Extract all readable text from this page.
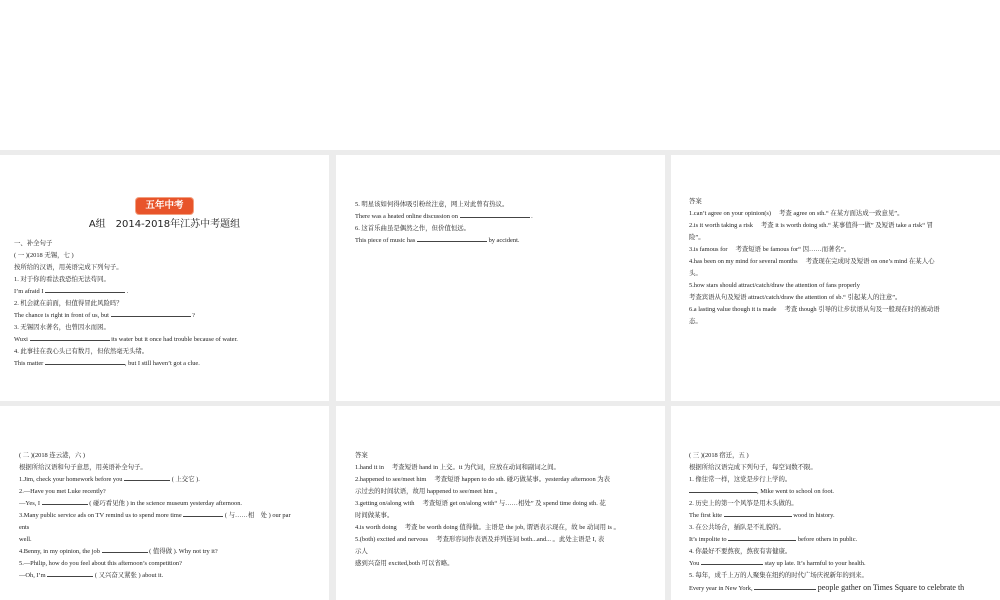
五年中考
A组　2014-2018年江苏中考题组
一、补全句子
( 一 )(2018 无锡，七 )
按所给的汉语，用英语完成下列句子。
1. 对于你的看法我恐怕无法苟同。
I’m afraid I	.
2. 机会就在前面，但值得冒此风险吗？
The chance is right in front of us, but	?
3. 无锡因水著名，也曾因水而困。
Wuxi	its water but it once had trouble because of water.
4. 此事挂在我心头已有数月，但依然毫无头绪。
This matter	, but I still haven’t got a clue.
5. 明星该如何得体吸引粉丝注意，网上对此曾有热议。
There was a heated online discussion on	.
6. 这首乐曲虽是偶然之作，但价值恒远。
This piece of music has	by accident.
答案
1.can’t agree on your opinion(s)　 考查 agree on sth.“ 在某方面达成一致意见”。
2.is it worth taking a risk　 考查 it is worth doing sth.“ 某事值得一做” 及短语 take a risk“ 冒
险”。
3.is famous for　 考查短语 be famous for“ 因……而著名”。
4.has been on my mind for several months　 考查现在完成时及短语 on one’s mind 在某人心
头。
5.how stars should attract/catch/draw the attention of fans properly
考查宾语从句及短语 attract/catch/draw the attention of sb.“ 引起某人的注意”。
6.a lasting value though it is made　 考查 though 引导的让步状语从句及一般现在时的被动语
态。
( 二 )(2018 连云港，六 )
根据所给汉语和句子意思，用英语补全句子。
1.Jim, check your homework before you	( 上交它 ).
2.—Have you met Luke recently?
—Yes, I	( 碰巧看见他 ) in the science museum yesterday afternoon.
3.Many public service ads on TV remind us to spend more time	( 与……相　处 ) our par
ents
well.
4.Benny, in my opinion, the job	( 值得做 ). Why not try it?
5.—Philip, how do you feel about this afternoon’s competition?
—Oh, I’m	( 又兴奋又紧张 ) about it.
答案
1.hand it in　 考查短语 hand in 上交。it 为代词，应放在动词和副词之间。
2.happened to see/meet him　 考查短语 happen to do sth. 碰巧做某事。yesterday afternoon 为表
示过去的时间状语，故用 happened to see/meet him 。
3.getting on/along with　 考查短语 get on/along with“ 与……相处” 及 spend time doing sth. 花
时间做某事。
4.is worth doing　 考查 be worth doing 值得做。主语是 the job, 谓语表示现在，故 be 动词用 is 。
5.(both) excited and nervous　 考查形容词作表语及并列连词 both...and... 。此处主语是 I, 表
示人
感到兴奋用 excited,both 可以省略。
( 三 )(2018 宿迁，五 )
根据所给汉语完成下列句子，每空词数不限。
1. 像往常一样，这党是步行上学的。
, Mike went to school on foot.
2. 历史上的第一个风筝是用木头做的。
The first kite	wood in history.
3. 在公共场合，插队是不礼貌的。
It’s impolite to	before others in public.
4. 你最好不要熬夜，熬夜有害健康。
You	stay up late. It’s harmful to your health.
5. 每年，成千上万的人聚集在纽约的时代广场庆祝新年的到来。
Every year in New York,	people gather on Times Square to celebrate th
